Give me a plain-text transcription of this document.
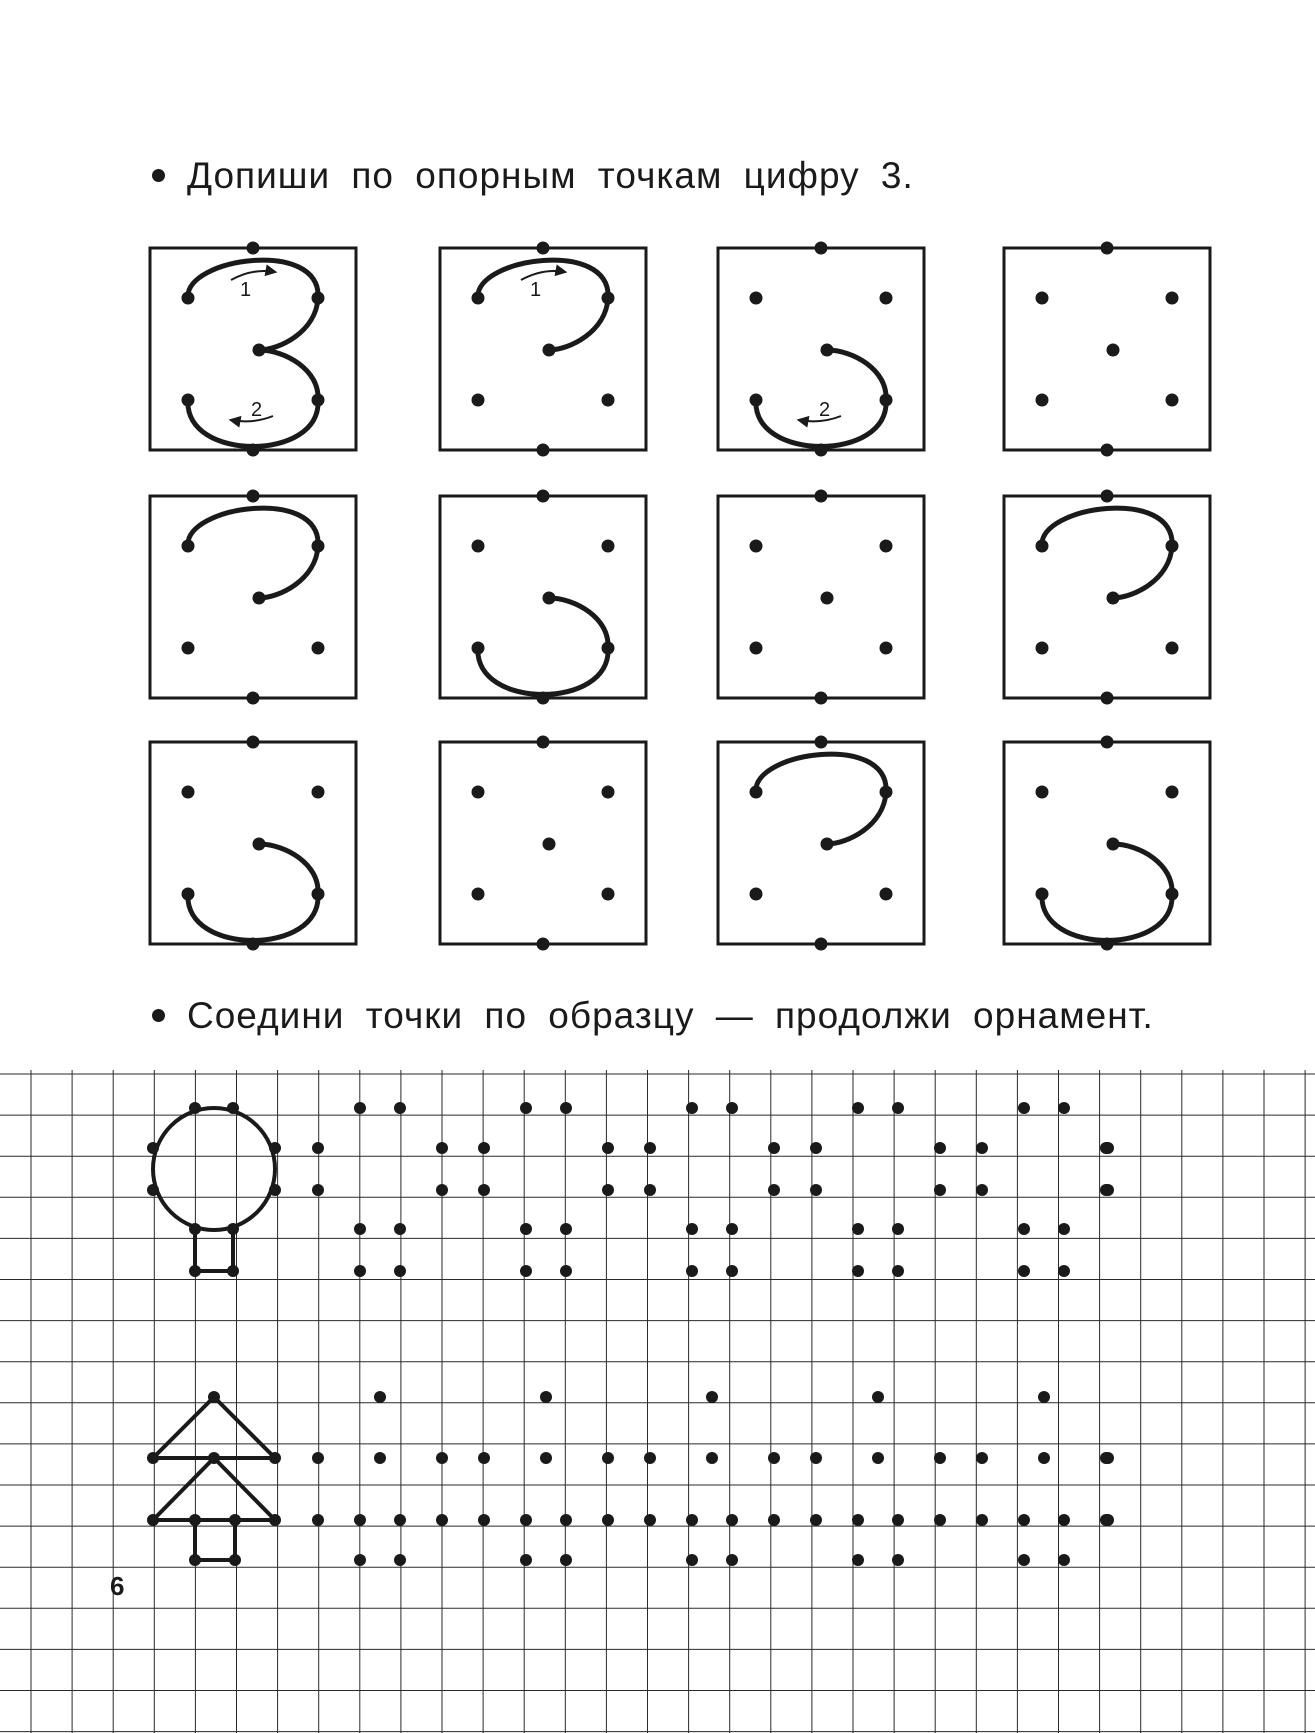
Допиши по опорным точкам цифру 3.
Соедини точки по образцу — продолжи орнамент.
1
2
1
2
6
